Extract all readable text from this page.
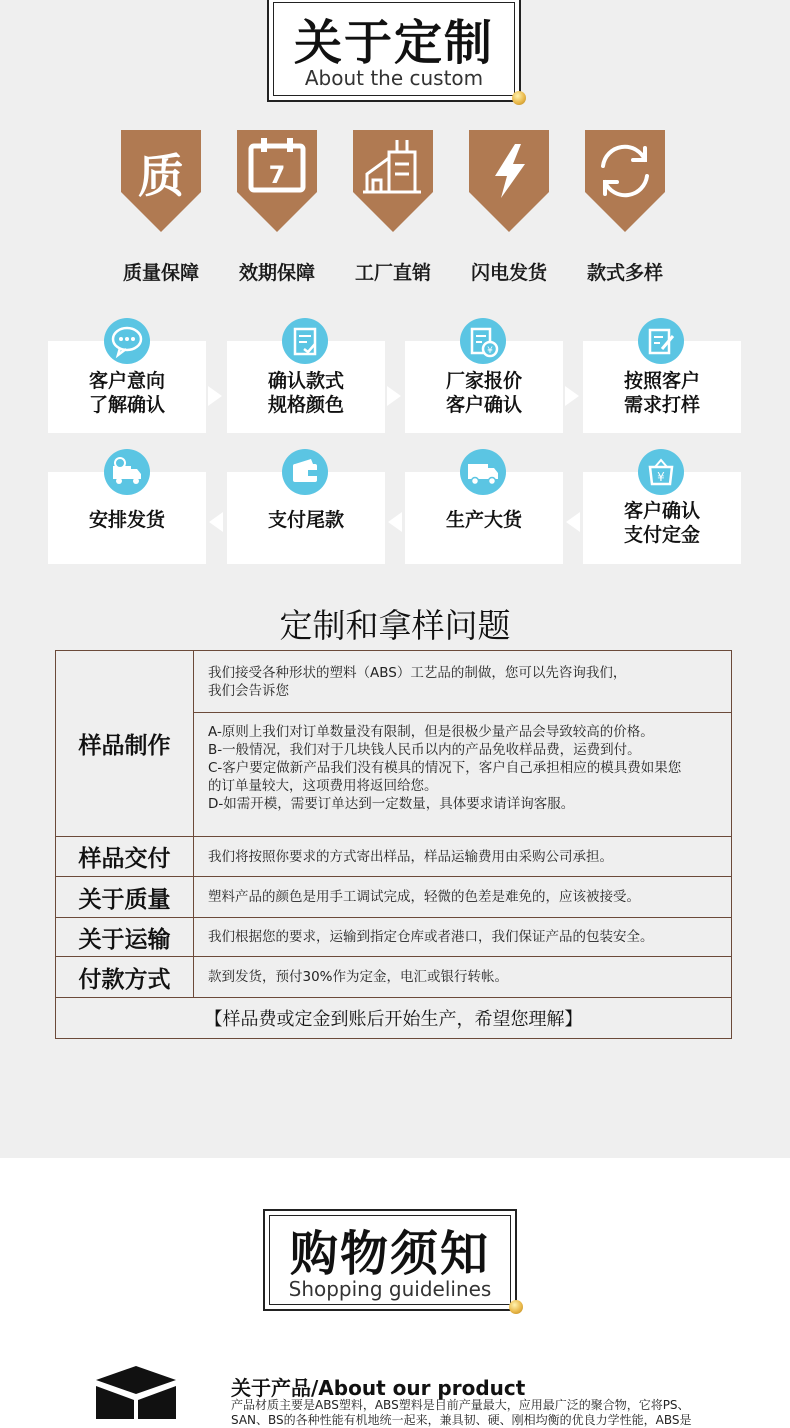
关于定制
About the custom
质	7
质量保障	效期保障	工厂直销	闪电发货	款式多样
客户意向
了解确认
确认款式
规格颜色
厂家报价
客户确认
按照客户
需求打样
¥
安排发货	支付尾款	生产大货	客户确认
支付定金
¥
定制和拿样问题
样品制作	我们接受各种形状的塑料（ABS）工艺品的制做，您可以先咨询我们，
我们会告诉您

	A-原则上我们对订单数量没有限制，但是很极少量产品会导致较高的价格。
B-一般情况，我们对于几块钱人民币以内的产品免收样品费，运费到付。
C-客户要定做新产品我们没有模具的情况下，客户自己承担相应的模具费如果您
的订单量较大，这项费用将返回给您。
D-如需开模，需要订单达到一定数量，具体要求请详询客服。

样品交付	我们将按照你要求的方式寄出样品，样品运输费用由采购公司承担。
关于质量	塑料产品的颜色是用手工调试完成，轻微的色差是难免的，应该被接受。
关于运输	我们根据您的要求，运输到指定仓库或者港口，我们保证产品的包装安全。
付款方式	款到发货，预付30%作为定金，电汇或银行转帐。
【样品费或定金到账后开始生产，希望您理解】	
购物须知
Shopping guidelines
关于产品/About our product
产品材质主要是ABS塑料，ABS塑料是目前产量最大，应用最广泛的聚合物，它将PS、SAN、BS的各种性能有机地统一起来，兼具韧、硬、刚相均衡的优良力学性能，ABS是
